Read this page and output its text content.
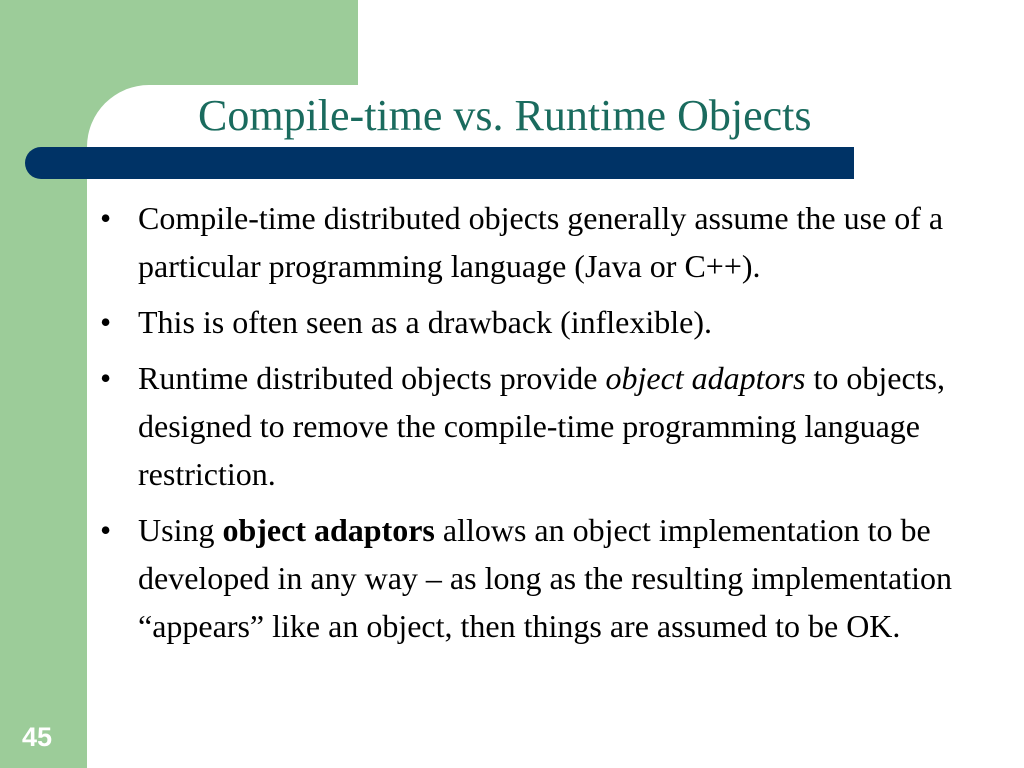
Compile-time vs. Runtime Objects
• Compile-time distributed objects generally assume the use of a particular programming language (Java or C++).
• This is often seen as a drawback (inflexible).
• Runtime distributed objects provide object adaptors to objects, designed to remove the compile-time programming language restriction.
• Using object adaptors allows an object implementation to be developed in any way – as long as the resulting implementation “appears” like an object, then things are assumed to be OK.
45
